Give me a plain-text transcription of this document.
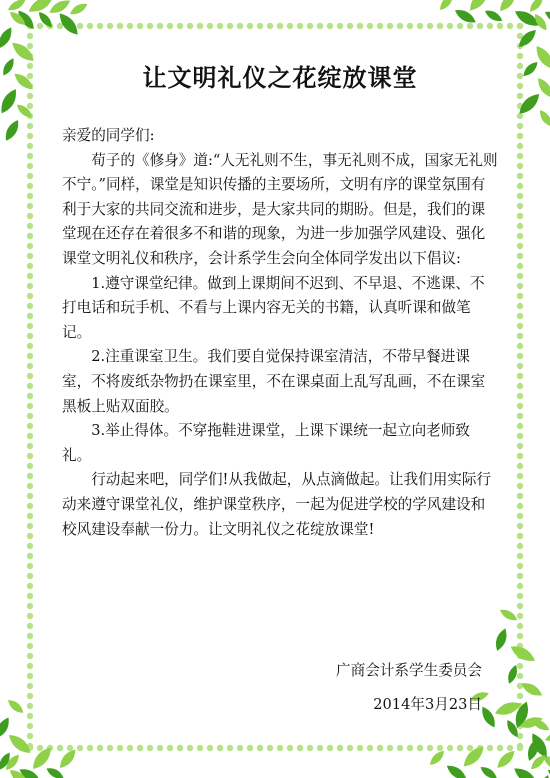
让文明礼仪之花绽放课堂

亲爱的同学们:

荀子的《修身》道:“人无礼则不生，事无礼则不成，国家无礼则不宁。”同样，课堂是知识传播的主要场所，文明有序的课堂氛围有利于大家的共同交流和进步，是大家共同的期盼。但是，我们的课堂现在还存在着很多不和谐的现象，为进一步加强学风建设、强化课堂文明礼仪和秩序，会计系学生会向全体同学发出以下倡议:

1.遵守课堂纪律。做到上课期间不迟到、不早退、不逃课、不打电话和玩手机、不看与上课内容无关的书籍，认真听课和做笔记。

2.注重课室卫生。我们要自觉保持课室清洁，不带早餐进课室，不将废纸杂物扔在课室里，不在课桌面上乱写乱画，不在课室黑板上贴双面胶。

3.举止得体。不穿拖鞋进课堂，上课下课统一起立向老师致礼。

行动起来吧，同学们!从我做起，从点滴做起。让我们用实际行动来遵守课堂礼仪，维护课堂秩序，一起为促进学校的学风建设和校风建设奉献一份力。让文明礼仪之花绽放课堂!

广商会计系学生委员会
2014年3月23日
